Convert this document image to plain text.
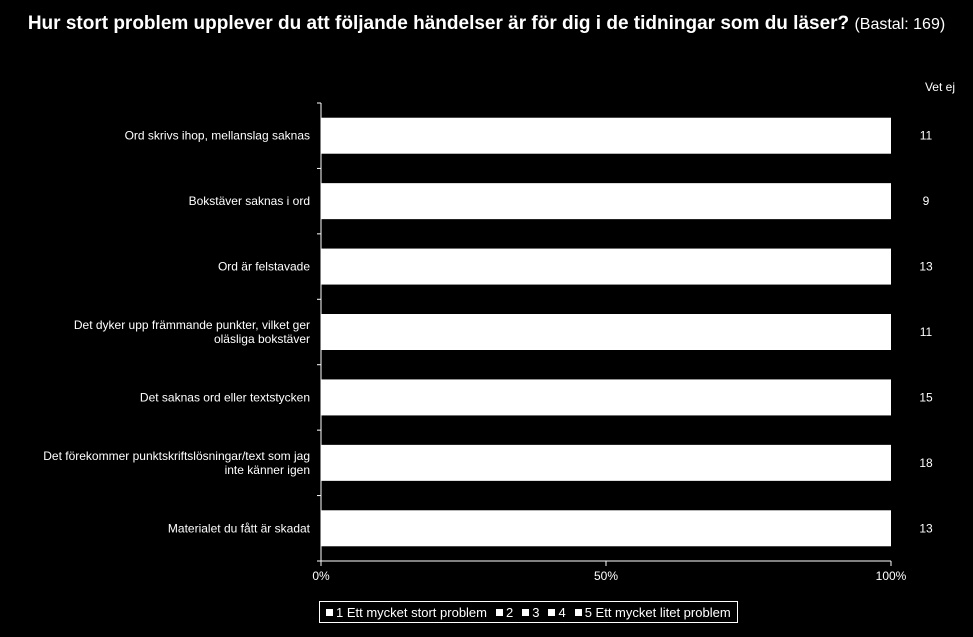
Hur stort problem upplever du att följande händelser är för dig i de tidningar som du läser? (Bastal: 169)
0%	50%	100%
Ord skrivs ihop, mellanslag saknas	11
Bokstäver saknas i ord	9
Ord är felstavade	13
Det dyker upp främmande punkter, vilket ger
oläsliga bokstäver	11
Det saknas ord eller textstycken	15
Det förekommer punktskriftslösningar/text som jag
inte känner igen	18
Materialet du fått är skadat	13
Vet ej
1 Ett mycket stort problem 2 3 4 5 Ett mycket litet problem
